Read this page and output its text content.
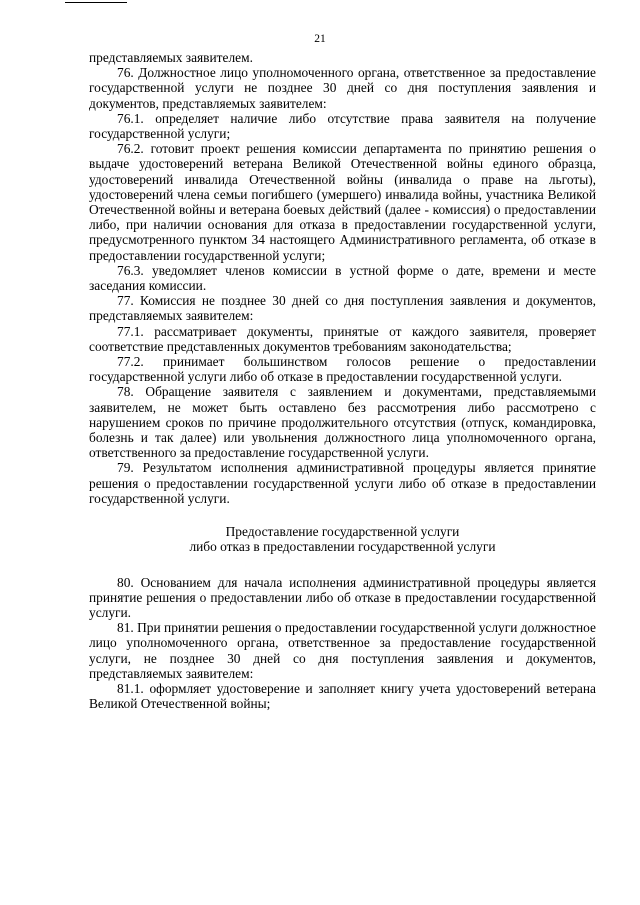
21

представляемых заявителем.

76. Должностное лицо уполномоченного органа, ответственное за предоставление государственной услуги не позднее 30 дней со дня поступления заявления и документов, представляемых заявителем:

76.1. определяет наличие либо отсутствие права заявителя на получение государственной услуги;

76.2. готовит проект решения комиссии департамента по принятию решения о выдаче удостоверений ветерана Великой Отечественной войны единого образца, удостоверений инвалида Отечественной войны (инвалида о праве на льготы), удостоверений члена семьи погибшего (умершего) инвалида войны, участника Великой Отечественной войны и ветерана боевых действий (далее - комиссия) о предоставлении либо, при наличии основания для отказа в предоставлении государственной услуги, предусмотренного пунктом 34 настоящего Административного регламента, об отказе в предоставлении государственной услуги;

76.3. уведомляет членов комиссии в устной форме о дате, времени и месте заседания комиссии.

77. Комиссия не позднее 30 дней со дня поступления заявления и документов, представляемых заявителем:

77.1. рассматривает документы, принятые от каждого заявителя, проверяет соответствие представленных документов требованиям законодательства;

77.2. принимает большинством голосов решение о предоставлении государственной услуги либо об отказе в предоставлении государственной услуги.

78. Обращение заявителя с заявлением и документами, представляемыми заявителем, не может быть оставлено без рассмотрения либо рассмотрено с нарушением сроков по причине продолжительного отсутствия (отпуск, командировка, болезнь и так далее) или увольнения должностного лица уполномоченного органа, ответственного за предоставление государственной услуги.

79. Результатом исполнения административной процедуры является принятие решения о предоставлении государственной услуги либо об отказе в предоставлении государственной услуги.

Предоставление государственной услуги
либо отказ в предоставлении государственной услуги

80. Основанием для начала исполнения административной процедуры является принятие решения о предоставлении либо об отказе в предоставлении государственной услуги.

81. При принятии решения о предоставлении государственной услуги должностное лицо уполномоченного органа, ответственное за предоставление государственной услуги, не позднее 30 дней со дня поступления заявления и документов, представляемых заявителем:

81.1. оформляет удостоверение и заполняет книгу учета удостоверений ветерана Великой Отечественной войны;
